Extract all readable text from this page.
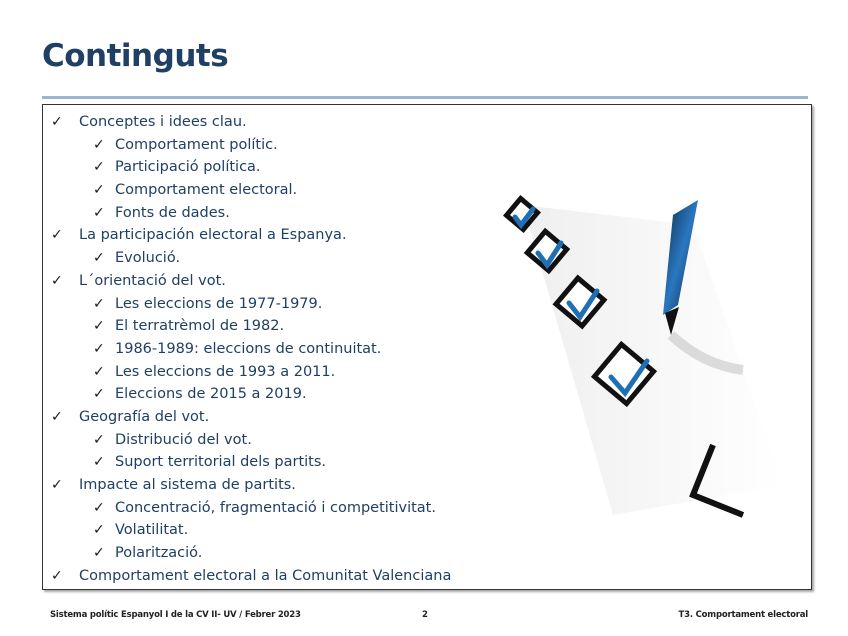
Continguts
✓	Conceptes i idees clau.
✓ Comportament polític.
✓ Participació política.
✓ Comportament electoral.
✓ Fonts de dades.
✓	La participación electoral a Espanya.
✓ Evolució.
✓	L´orientació del vot.
✓ Les eleccions de 1977-1979.
✓ El terratrèmol de 1982.
✓ 1986-1989: eleccions de continuitat.
✓ Les eleccions de 1993 a 2011.
✓ Eleccions de 2015 a 2019.
✓	Geografía del vot.
✓ Distribució del vot.
✓ Suport territorial dels partits.
✓	Impacte al sistema de partits.
✓ Concentració, fragmentació i competitivitat.
✓ Volatilitat.
✓ Polarització.
✓	Comportament electoral a la Comunitat Valenciana
Sistema polític Espanyol I de la CV II- UV / Febrer 2023	2	T3. Comportament electoral
